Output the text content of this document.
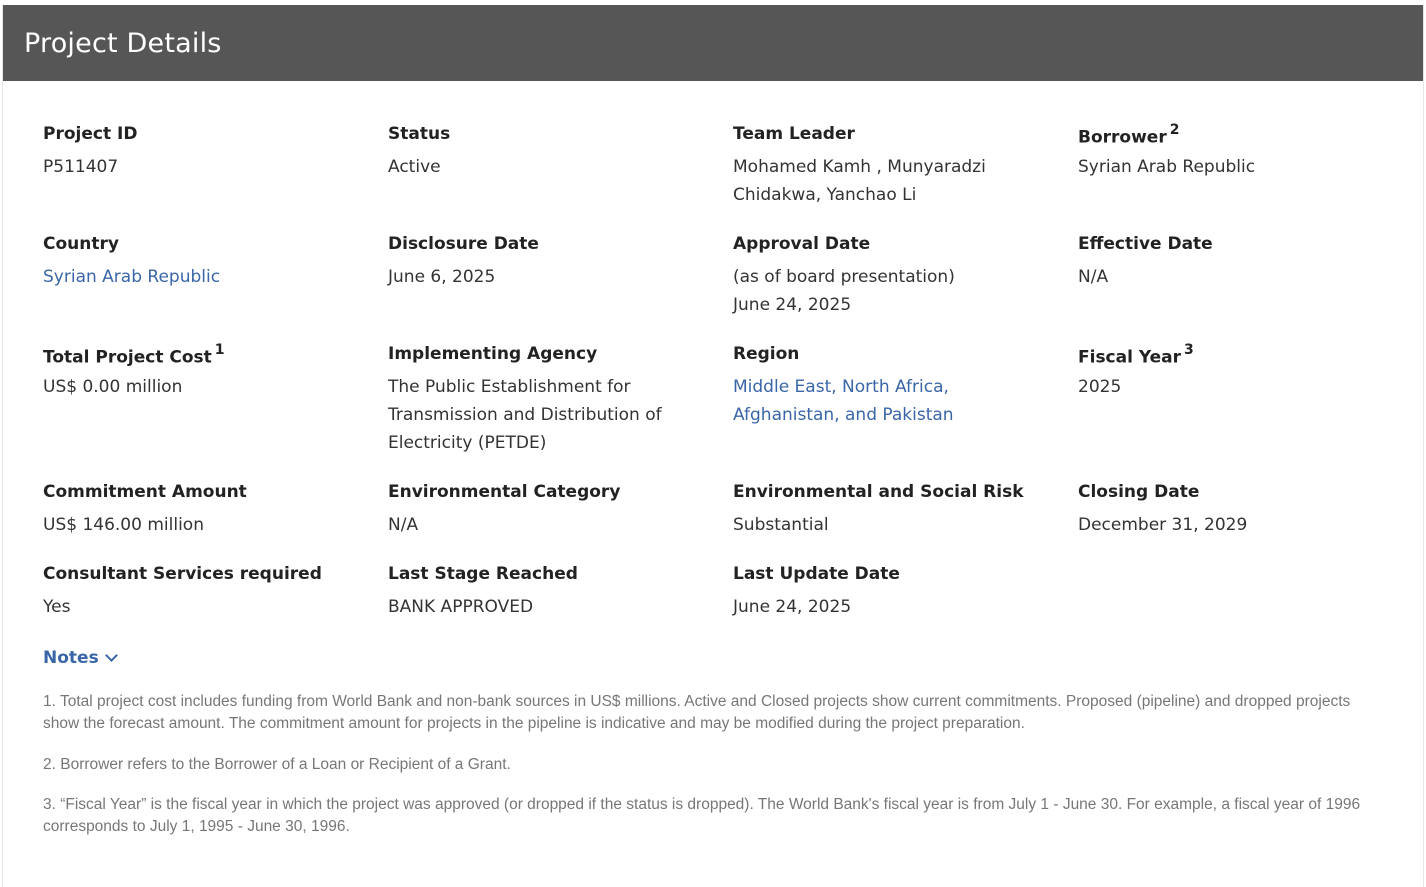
Project Details
Project ID
P511407
Status
Active
Team Leader
Mohamed Kamh , Munyaradzi
Chidakwa, Yanchao Li
Borrower $^2$
Syrian Arab Republic
Country
Syrian Arab Republic
Disclosure Date
June 6, 2025
Approval Date
(as of board presentation)
June 24, 2025
Effective Date
N/A
Total Project Cost $^1$
US$ 0.00 million
Implementing Agency
The Public Establishment for
Transmission and Distribution of
Electricity (PETDE)
Region
Middle East, North Africa,
Afghanistan, and Pakistan
Fiscal Year $^3$
2025
Commitment Amount
US$ 146.00 million
Environmental Category
N/A
Environmental and Social Risk
Substantial
Closing Date
December 31, 2029
Consultant Services required
Yes
Last Stage Reached
BANK APPROVED
Last Update Date
June 24, 2025
Notes
1. Total project cost includes funding from World Bank and non-bank sources in US$ millions. Active and Closed projects show current commitments. Proposed (pipeline) and dropped projects show the forecast amount. The commitment amount for projects in the pipeline is indicative and may be modified during the project preparation.
2. Borrower refers to the Borrower of a Loan or Recipient of a Grant.
3. “Fiscal Year” is the fiscal year in which the project was approved (or dropped if the status is dropped). The World Bank's fiscal year is from July 1 - June 30. For example, a fiscal year of 1996 corresponds to July 1, 1995 - June 30, 1996.
